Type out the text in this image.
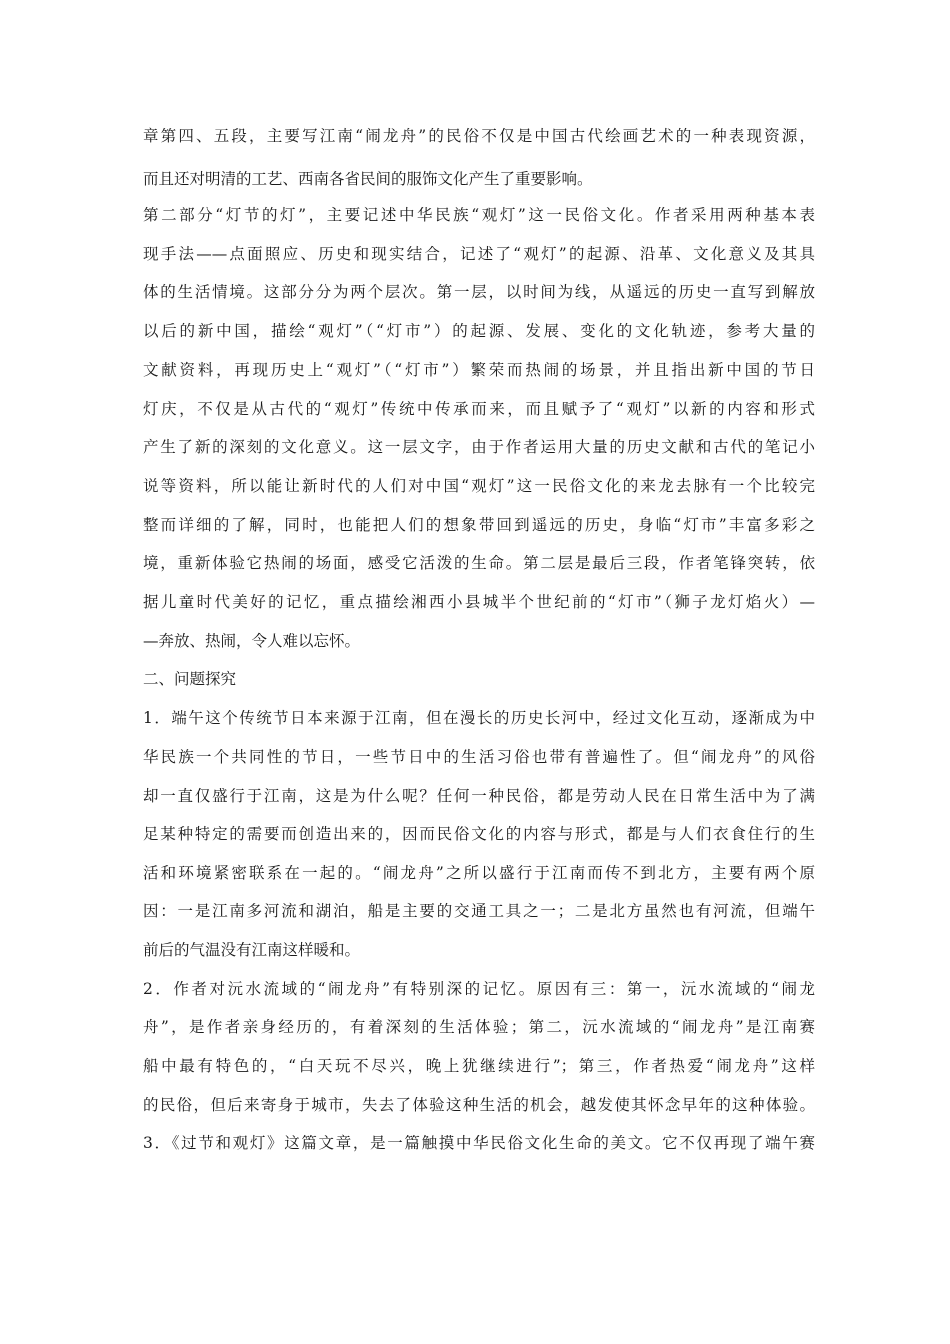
章第四、五段，主要写江南“闹龙舟”的民俗不仅是中国古代绘画艺术的一种表现资源，
而且还对明清的工艺、西南各省民间的服饰文化产生了重要影响。
第二部分“灯节的灯”，主要记述中华民族“观灯”这一民俗文化。作者采用两种基本表
现手法——点面照应、历史和现实结合，记述了“观灯”的起源、沿革、文化意义及其具
体的生活情境。这部分分为两个层次。第一层，以时间为线，从遥远的历史一直写到解放
以后的新中国，描绘“观灯”（“灯市”）的起源、发展、变化的文化轨迹，参考大量的
文献资料，再现历史上“观灯”（“灯市”）繁荣而热闹的场景，并且指出新中国的节日
灯庆，不仅是从古代的“观灯”传统中传承而来，而且赋予了“观灯”以新的内容和形式
产生了新的深刻的文化意义。这一层文字，由于作者运用大量的历史文献和古代的笔记小
说等资料，所以能让新时代的人们对中国“观灯”这一民俗文化的来龙去脉有一个比较完
整而详细的了解，同时，也能把人们的想象带回到遥远的历史，身临“灯市”丰富多彩之
境，重新体验它热闹的场面，感受它活泼的生命。第二层是最后三段，作者笔锋突转，依
据儿童时代美好的记忆，重点描绘湘西小县城半个世纪前的“灯市”（狮子龙灯焰火）—
—奔放、热闹，令人难以忘怀。
二、问题探究
1．端午这个传统节日本来源于江南，但在漫长的历史长河中，经过文化互动，逐渐成为中
华民族一个共同性的节日，一些节日中的生活习俗也带有普遍性了。但“闹龙舟”的风俗
却一直仅盛行于江南，这是为什么呢？任何一种民俗，都是劳动人民在日常生活中为了满
足某种特定的需要而创造出来的，因而民俗文化的内容与形式，都是与人们衣食住行的生
活和环境紧密联系在一起的。“闹龙舟”之所以盛行于江南而传不到北方，主要有两个原
因：一是江南多河流和湖泊，船是主要的交通工具之一；二是北方虽然也有河流，但端午
前后的气温没有江南这样暖和。
2．作者对沅水流域的“闹龙舟”有特别深的记忆。原因有三：第一，沅水流域的“闹龙
舟”，是作者亲身经历的，有着深刻的生活体验；第二，沅水流域的“闹龙舟”是江南赛
船中最有特色的，“白天玩不尽兴，晚上犹继续进行”；第三，作者热爱“闹龙舟”这样
的民俗，但后来寄身于城市，失去了体验这种生活的机会，越发使其怀念早年的这种体验。
3．《过节和观灯》这篇文章，是一篇触摸中华民俗文化生命的美文。它不仅再现了端午赛
